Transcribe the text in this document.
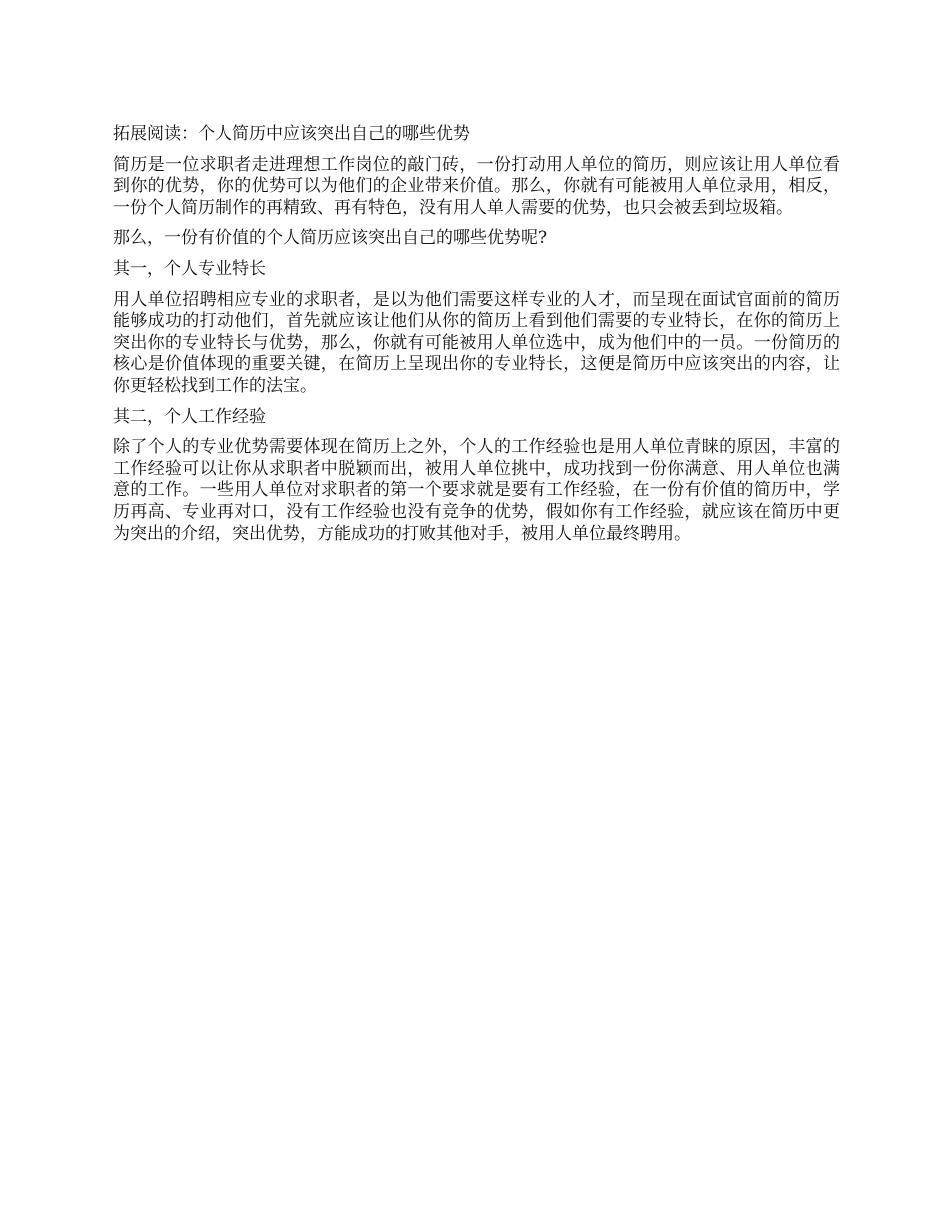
拓展阅读：个人简历中应该突出自己的哪些优势

简历是一位求职者走进理想工作岗位的敲门砖，一份打动用人单位的简历，则应该让用人单位看到你的优势，你的优势可以为他们的企业带来价值。那么，你就有可能被用人单位录用，相反，一份个人简历制作的再精致、再有特色，没有用人单人需要的优势，也只会被丢到垃圾箱。

那么，一份有价值的个人简历应该突出自己的哪些优势呢?

其一，个人专业特长

用人单位招聘相应专业的求职者，是以为他们需要这样专业的人才，而呈现在面试官面前的简历能够成功的打动他们，首先就应该让他们从你的简历上看到他们需要的专业特长，在你的简历上突出你的专业特长与优势，那么，你就有可能被用人单位选中，成为他们中的一员。一份简历的核心是价值体现的重要关键，在简历上呈现出你的专业特长，这便是简历中应该突出的内容，让你更轻松找到工作的法宝。

其二，个人工作经验

除了个人的专业优势需要体现在简历上之外，个人的工作经验也是用人单位青睐的原因，丰富的工作经验可以让你从求职者中脱颖而出，被用人单位挑中，成功找到一份你满意、用人单位也满意的工作。一些用人单位对求职者的第一个要求就是要有工作经验，在一份有价值的简历中，学历再高、专业再对口，没有工作经验也没有竞争的优势，假如你有工作经验，就应该在简历中更为突出的介绍，突出优势，方能成功的打败其他对手，被用人单位最终聘用。
